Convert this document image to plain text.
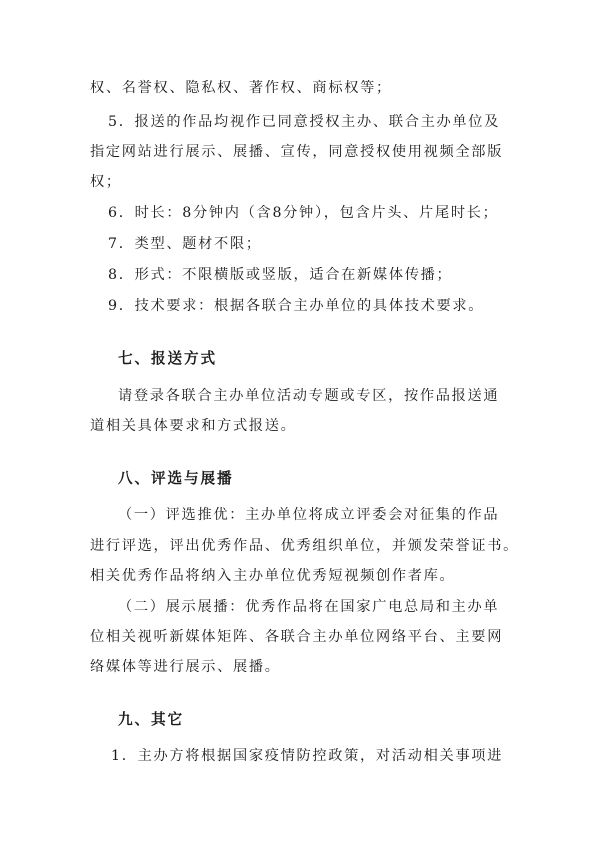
权、名誉权、隐私权、著作权、商标权等；
5．报送的作品均视作已同意授权主办、联合主办单位及
指定网站进行展示、展播、宣传，同意授权使用视频全部版
权；
6．时长：8分钟内（含8分钟），包含片头、片尾时长；
7．类型、题材不限；
8．形式：不限横版或竖版，适合在新媒体传播；
9．技术要求：根据各联合主办单位的具体技术要求。
七、报送方式
请登录各联合主办单位活动专题或专区，按作品报送通
道相关具体要求和方式报送。
八、评选与展播
（一）评选推优：主办单位将成立评委会对征集的作品
进行评选，评出优秀作品、优秀组织单位，并颁发荣誉证书。
相关优秀作品将纳入主办单位优秀短视频创作者库。
（二）展示展播：优秀作品将在国家广电总局和主办单
位相关视听新媒体矩阵、各联合主办单位网络平台、主要网
络媒体等进行展示、展播。
九、其它
1．主办方将根据国家疫情防控政策，对活动相关事项进
